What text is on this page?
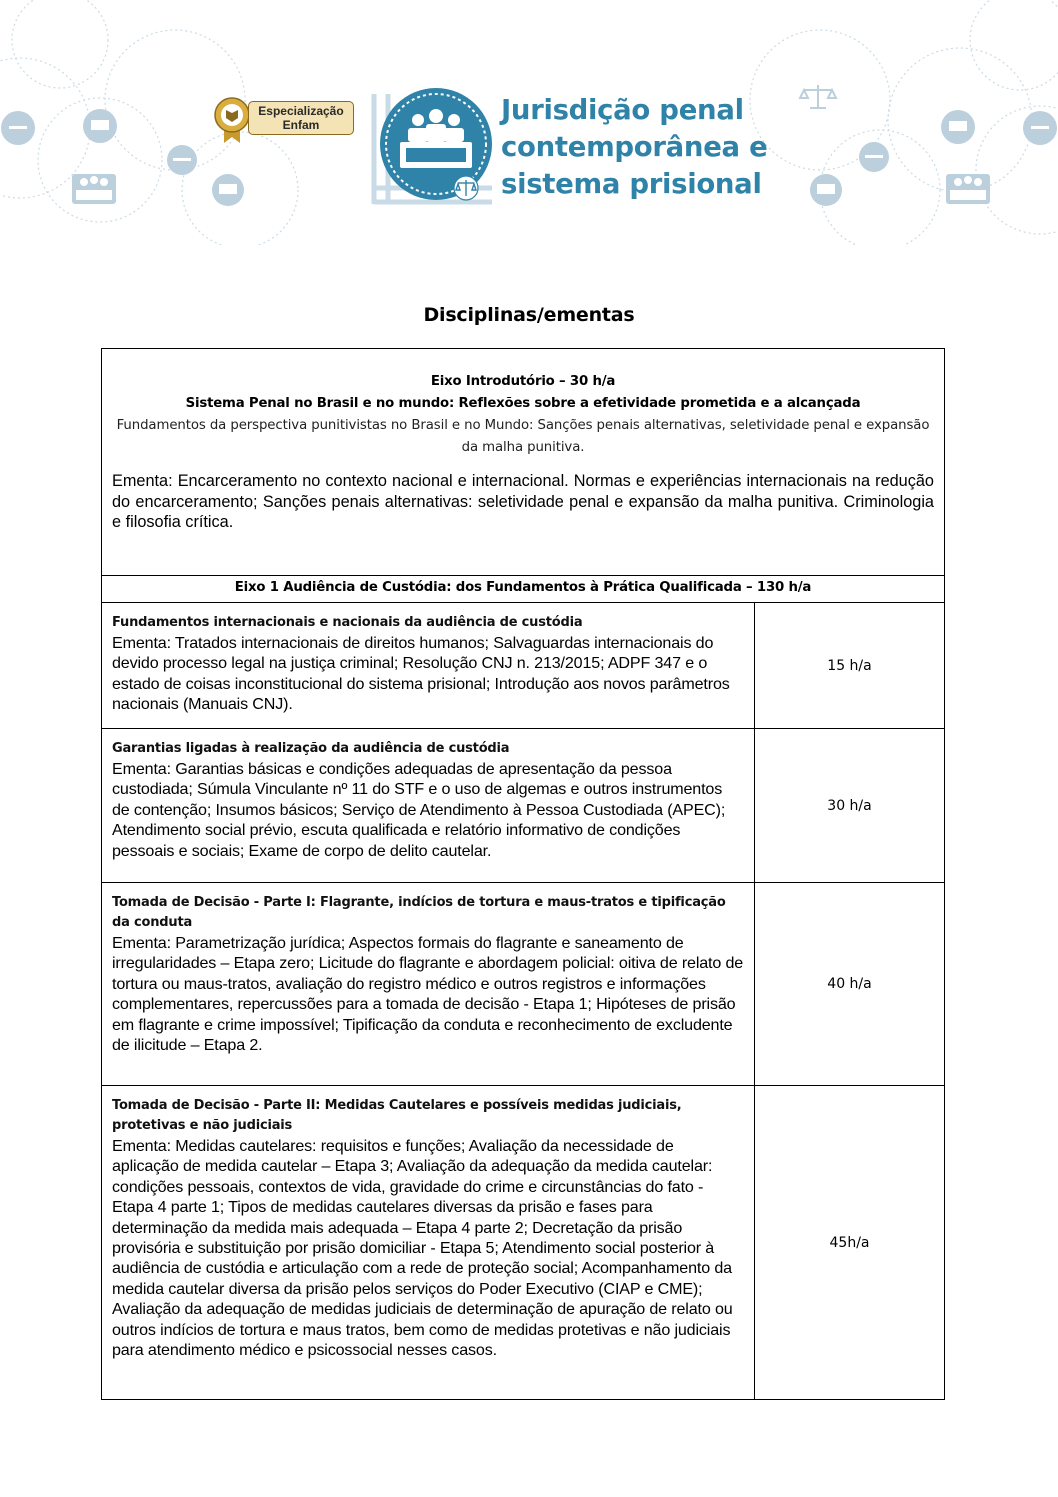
Especialização
Enfam	Jurisdição penal
contemporânea e
sistema prisional
Disciplinas/ementas
Eixo Introdutório – 30 h/a
Sistema Penal no Brasil e no mundo: Reflexões sobre a efetividade prometida e a alcançada
Fundamentos da perspectiva punitivistas no Brasil e no Mundo: Sanções penais alternativas, seletividade penal e expansão da malha punitiva.
Ementa: Encarceramento no contexto nacional e internacional. Normas e experiências internacionais na redução do encarceramento; Sanções penais alternativas: seletividade penal e expansão da malha punitiva. Criminologia e filosofia crítica.
Eixo 1 Audiência de Custódia: dos Fundamentos à Prática Qualificada – 130 h/a
Fundamentos internacionais e nacionais da audiência de custódia
Ementa: Tratados internacionais de direitos humanos; Salvaguardas internacionais do devido processo legal na justiça criminal; Resolução CNJ n. 213/2015; ADPF 347 e o estado de coisas inconstitucional do sistema prisional; Introdução aos novos parâmetros nacionais (Manuais CNJ).
15 h/a
Garantias ligadas à realização da audiência de custódia
Ementa: Garantias básicas e condições adequadas de apresentação da pessoa custodiada; Súmula Vinculante nº 11 do STF e o uso de algemas e outros instrumentos de contenção; Insumos básicos; Serviço de Atendimento à Pessoa Custodiada (APEC); Atendimento social prévio, escuta qualificada e relatório informativo de condições pessoais e sociais; Exame de corpo de delito cautelar.
30 h/a
Tomada de Decisão - Parte I: Flagrante, indícios de tortura e maus-tratos e tipificação da conduta
Ementa: Parametrização jurídica; Aspectos formais do flagrante e saneamento de irregularidades – Etapa zero; Licitude do flagrante e abordagem policial: oitiva de relato de tortura ou maus-tratos, avaliação do registro médico e outros registros e informações complementares, repercussões para a tomada de decisão - Etapa 1; Hipóteses de prisão em flagrante e crime impossível; Tipificação da conduta e reconhecimento de excludente de ilicitude – Etapa 2.
40 h/a
Tomada de Decisão - Parte II: Medidas Cautelares e possíveis medidas judiciais, protetivas e não judiciais
Ementa: Medidas cautelares: requisitos e funções; Avaliação da necessidade de aplicação de medida cautelar – Etapa 3; Avaliação da adequação da medida cautelar: condições pessoais, contextos de vida, gravidade do crime e circunstâncias do fato - Etapa 4 parte 1; Tipos de medidas cautelares diversas da prisão e fases para determinação da medida mais adequada – Etapa 4 parte 2; Decretação da prisão provisória e substituição por prisão domiciliar - Etapa 5; Atendimento social posterior à audiência de custódia e articulação com a rede de proteção social; Acompanhamento da medida cautelar diversa da prisão pelos serviços do Poder Executivo (CIAP e CME); Avaliação da adequação de medidas judiciais de determinação de apuração de relato ou outros indícios de tortura e maus tratos, bem como de medidas protetivas e não judiciais para atendimento médico e psicossocial nesses casos.
45h/a
